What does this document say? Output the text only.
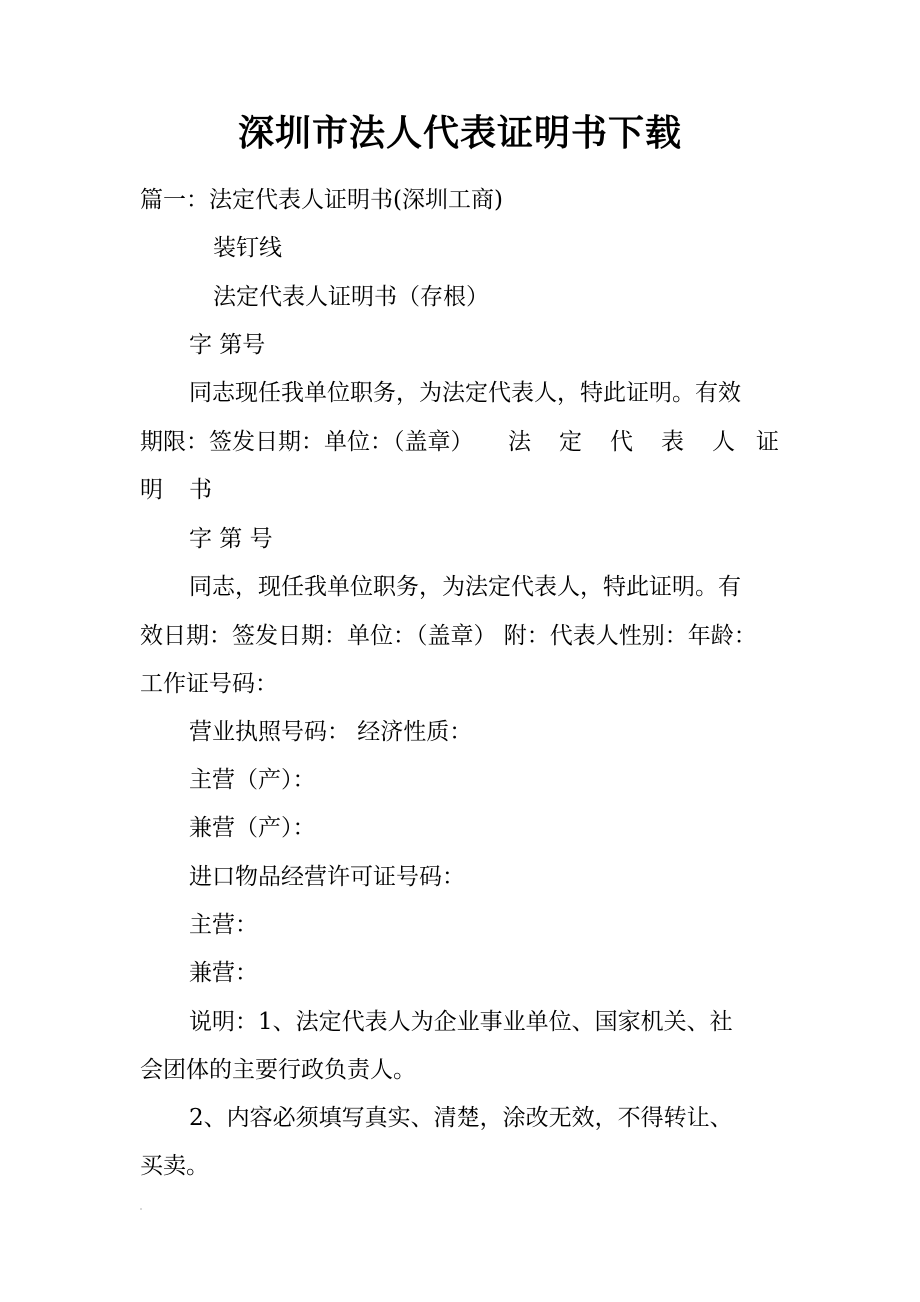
深圳市法人代表证明书下载
篇一：法定代表人证明书(深圳工商)
装钉线
法定代表人证明书（存根）
字 第号
同志现任我单位职务，为法定代表人，特此证明。有效
期限：签发日期：单位：（盖章） 法 定 代 表 人 证
明 书
字 第 号
同志，现任我单位职务，为法定代表人，特此证明。有
效日期：签发日期：单位：（盖章） 附：代表人性别：年龄：
工作证号码：
营业执照号码： 经济性质：
主营（产）：
兼营（产）：
进口物品经营许可证号码：
主营：
兼营：
说明：1、法定代表人为企业事业单位、国家机关、社
会团体的主要行政负责人。
2、内容必须填写真实、清楚，涂改无效，不得转让、
买卖。
